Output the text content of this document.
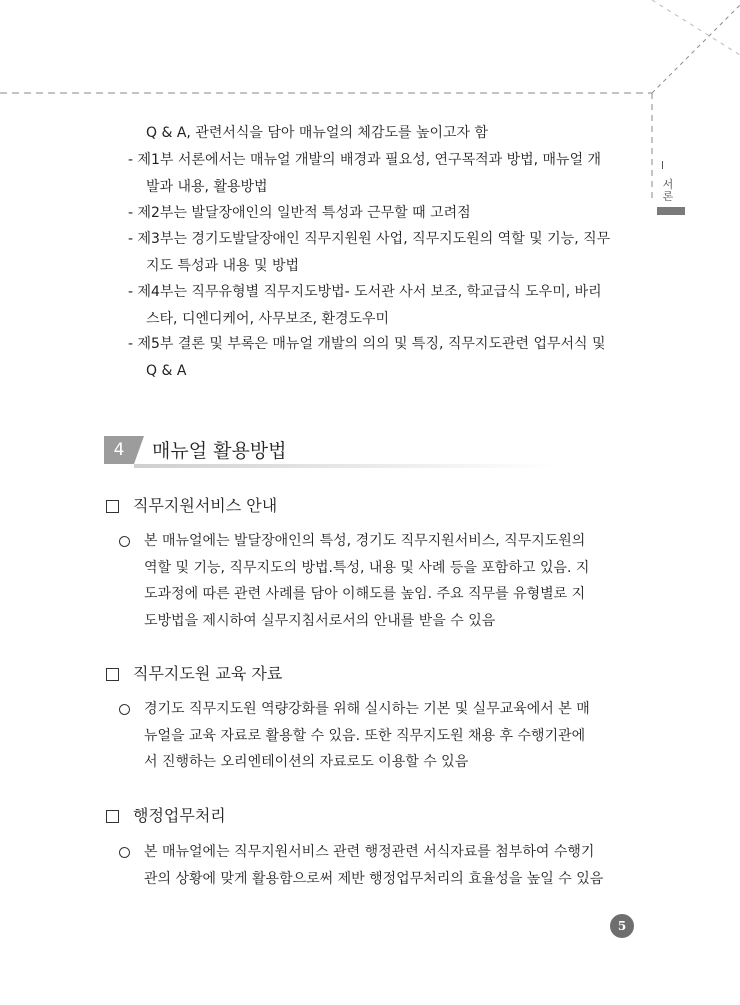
서론
Q & A, 관련서식을 담아 매뉴얼의 체감도를 높이고자 함
- 제1부 서론에서는 매뉴얼 개발의 배경과 필요성, 연구목적과 방법, 매뉴얼 개
발과 내용, 활용방법
- 제2부는 발달장애인의 일반적 특성과 근무할 때 고려점
- 제3부는 경기도발달장애인 직무지원원 사업, 직무지도원의 역할 및 기능, 직무
지도 특성과 내용 및 방법
- 제4부는 직무유형별 직무지도방법- 도서관 사서 보조, 학교급식 도우미, 바리
스타, 디엔디케어, 사무보조, 환경도우미
- 제5부 결론 및 부록은 매뉴얼 개발의 의의 및 특징, 직무지도관련 업무서식 및
Q & A
4	매뉴얼 활용방법
직무지원서비스 안내
본 매뉴얼에는 발달장애인의 특성, 경기도 직무지원서비스, 직무지도원의
역할 및 기능, 직무지도의 방법.특성, 내용 및 사례 등을 포함하고 있음. 지
도과정에 따른 관련 사례를 담아 이해도를 높임. 주요 직무를 유형별로 지
도방법을 제시하여 실무지침서로서의 안내를 받을 수 있음
직무지도원 교육 자료
경기도 직무지도원 역량강화를 위해 실시하는 기본 및 실무교육에서 본 매
뉴얼을 교육 자료로 활용할 수 있음. 또한 직무지도원 채용 후 수행기관에
서 진행하는 오리엔테이션의 자료로도 이용할 수 있음
행정업무처리
본 매뉴얼에는 직무지원서비스 관련 행정관련 서식자료를 첨부하여 수행기
관의 상황에 맞게 활용함으로써 제반 행정업무처리의 효율성을 높일 수 있음
5
